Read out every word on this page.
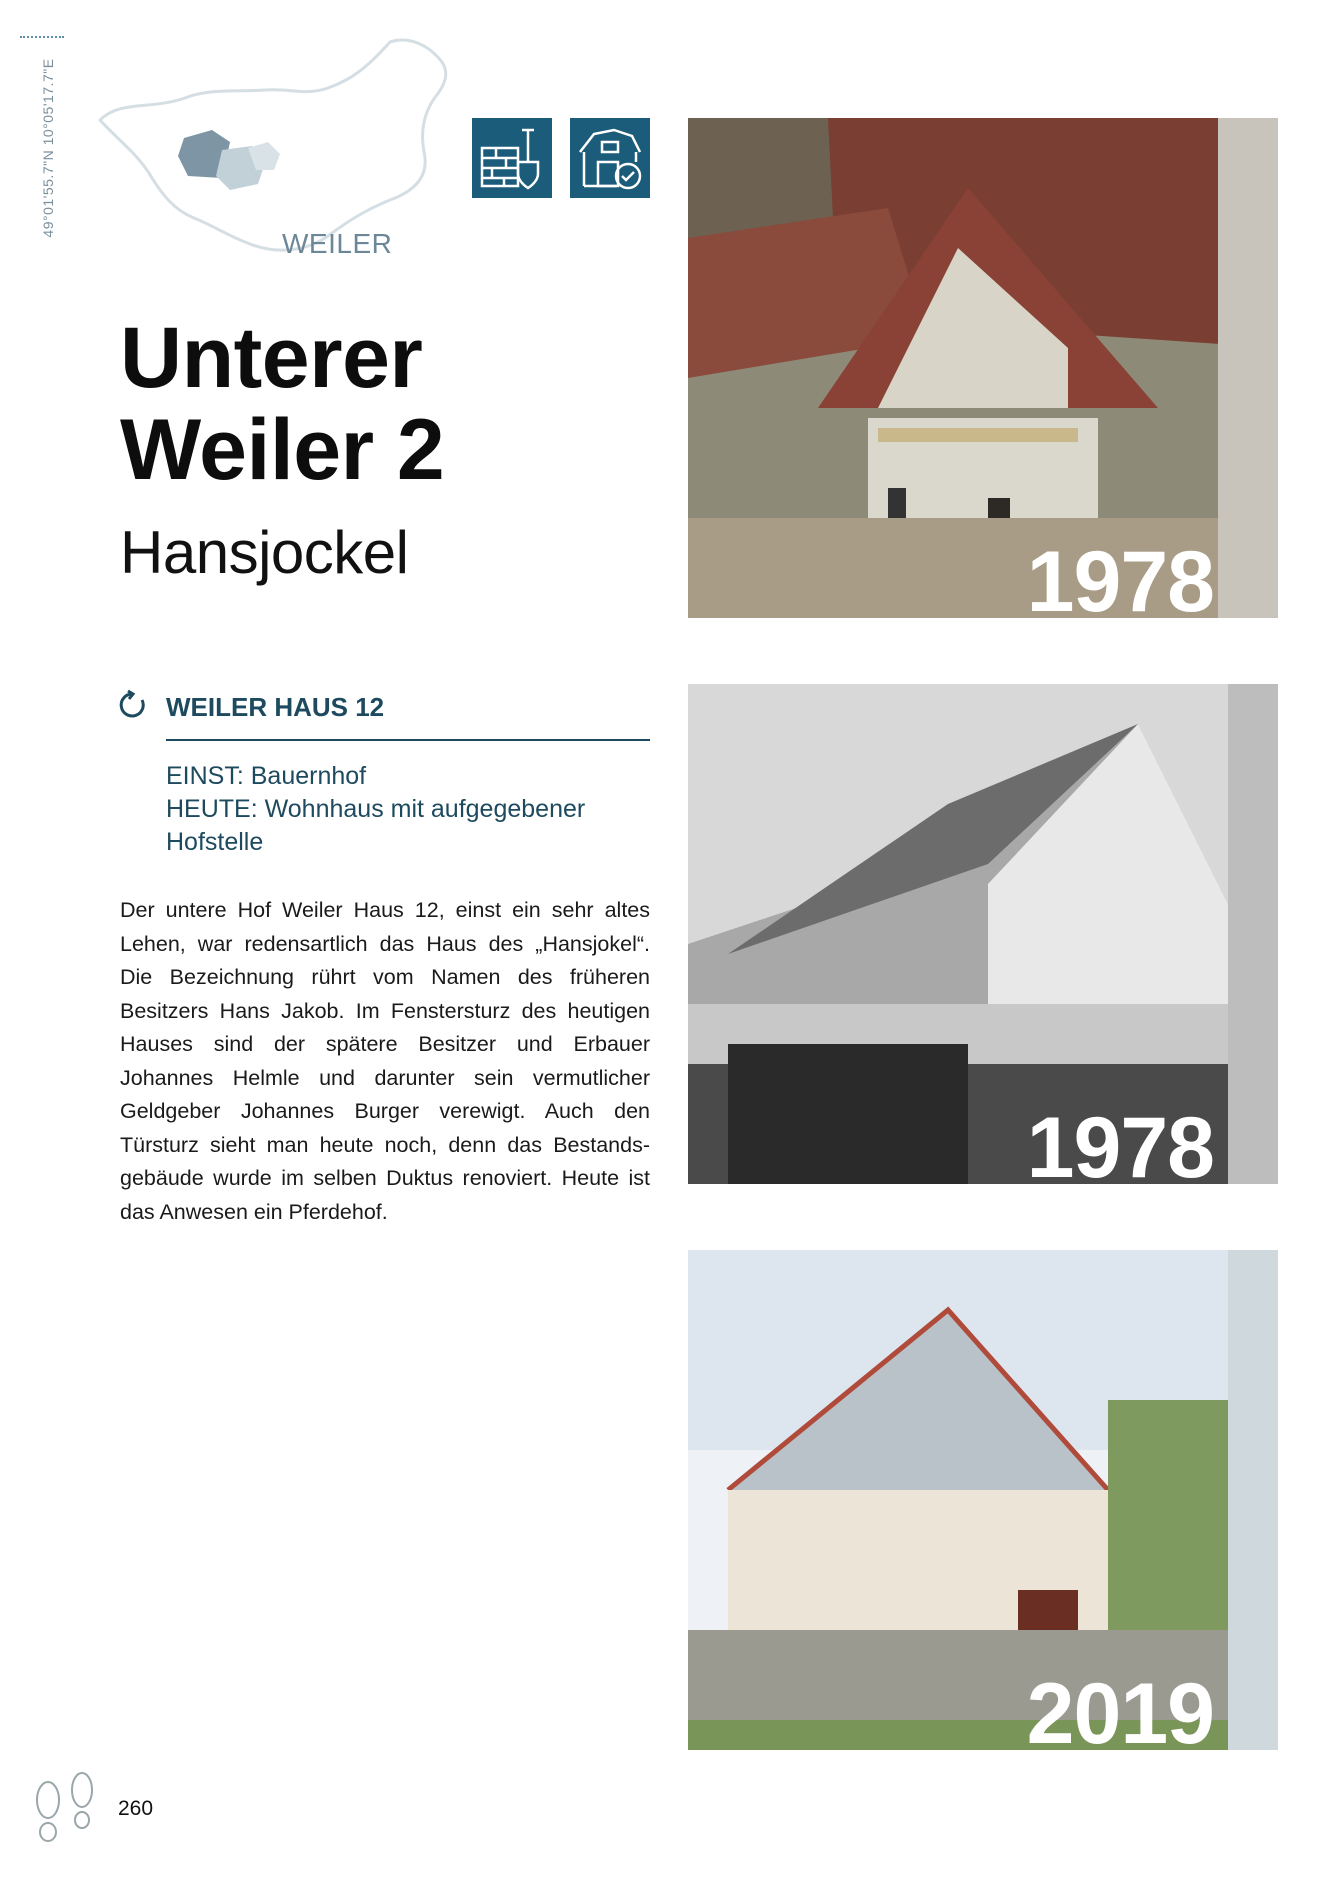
49°01'55.7"N 10°05'17.7"E
WEILER
Unterer
Weiler 2
Hansjockel
WEILER HAUS 12
EINST: Bauernhof
HEUTE: Wohnhaus mit aufgegebener Hofstelle
Der untere Hof Weiler Haus 12, einst ein sehr altes Lehen, war redensartlich das Haus des „Hansjokel“. Die Bezeichnung rührt vom Namen des früheren Besitzers Hans Jakob. Im Fenstersturz des heutigen Hauses sind der spätere Besitzer und Erbauer Johannes Helmle und darunter sein vermutlicher Geldgeber Johannes Burger verewigt. Auch den Türsturz sieht man heute noch, denn das Bestands-gebäude wurde im selben Duktus renoviert. Heute ist das Anwesen ein Pferdehof.
1978
1978
2019
260
